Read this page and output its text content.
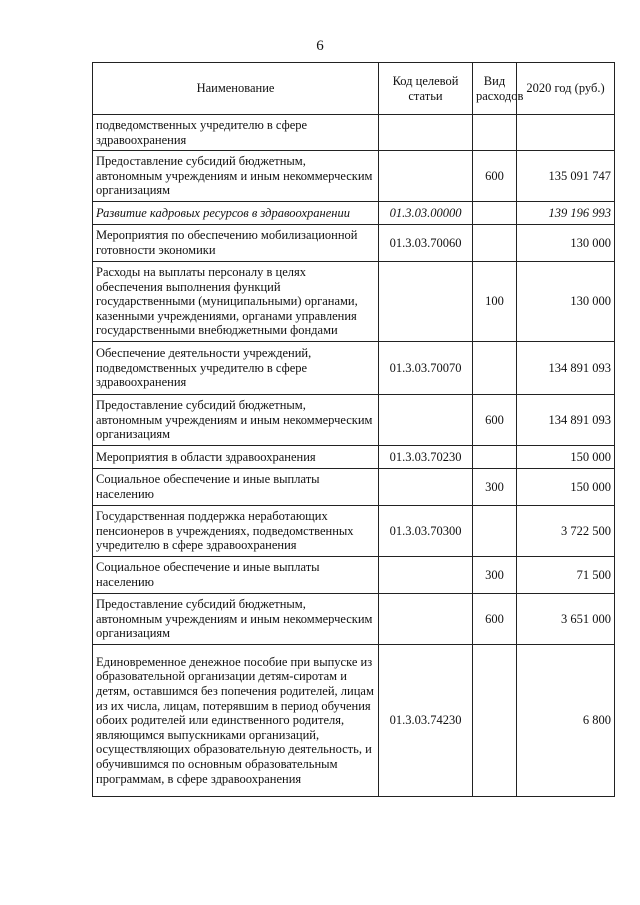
6
Наименование	Код целевой статьи	Вид расходов	2020 год (руб.)
подведомственных учредителю в сфере здравоохранения			
Предоставление субсидий бюджетным, автономным учреждениям и иным некоммерческим организациям		600	135 091 747
Развитие кадровых ресурсов в здравоохранении	01.3.03.00000		139 196 993
Мероприятия по обеспечению мобилизационной готовности экономики	01.3.03.70060		130 000
Расходы на выплаты персоналу в целях обеспечения выполнения функций государственными (муниципальными) органами, казенными учреждениями, органами управления государственными внебюджетными фондами		100	130 000
Обеспечение деятельности учреждений, подведомственных учредителю в сфере здравоохранения	01.3.03.70070		134 891 093
Предоставление субсидий бюджетным, автономным учреждениям и иным некоммерческим организациям		600	134 891 093
Мероприятия в области здравоохранения	01.3.03.70230		150 000
Социальное обеспечение и иные выплаты населению		300	150 000
Государственная поддержка неработающих пенсионеров в учреждениях, подведомственных учредителю в сфере здравоохранения	01.3.03.70300		3 722 500
Социальное обеспечение и иные выплаты населению		300	71 500
Предоставление субсидий бюджетным, автономным учреждениям и иным некоммерческим организациям		600	3 651 000
Единовременное денежное пособие при выпуске из образовательной организации детям-сиротам и детям, оставшимся без попечения родителей, лицам из их числа, лицам, потерявшим в период обучения обоих родителей или единственного родителя, являющимся выпускниками организаций, осуществляющих образовательную деятельность, и обучившимся по основным образовательным программам, в сфере здравоохранения	01.3.03.74230		6 800
